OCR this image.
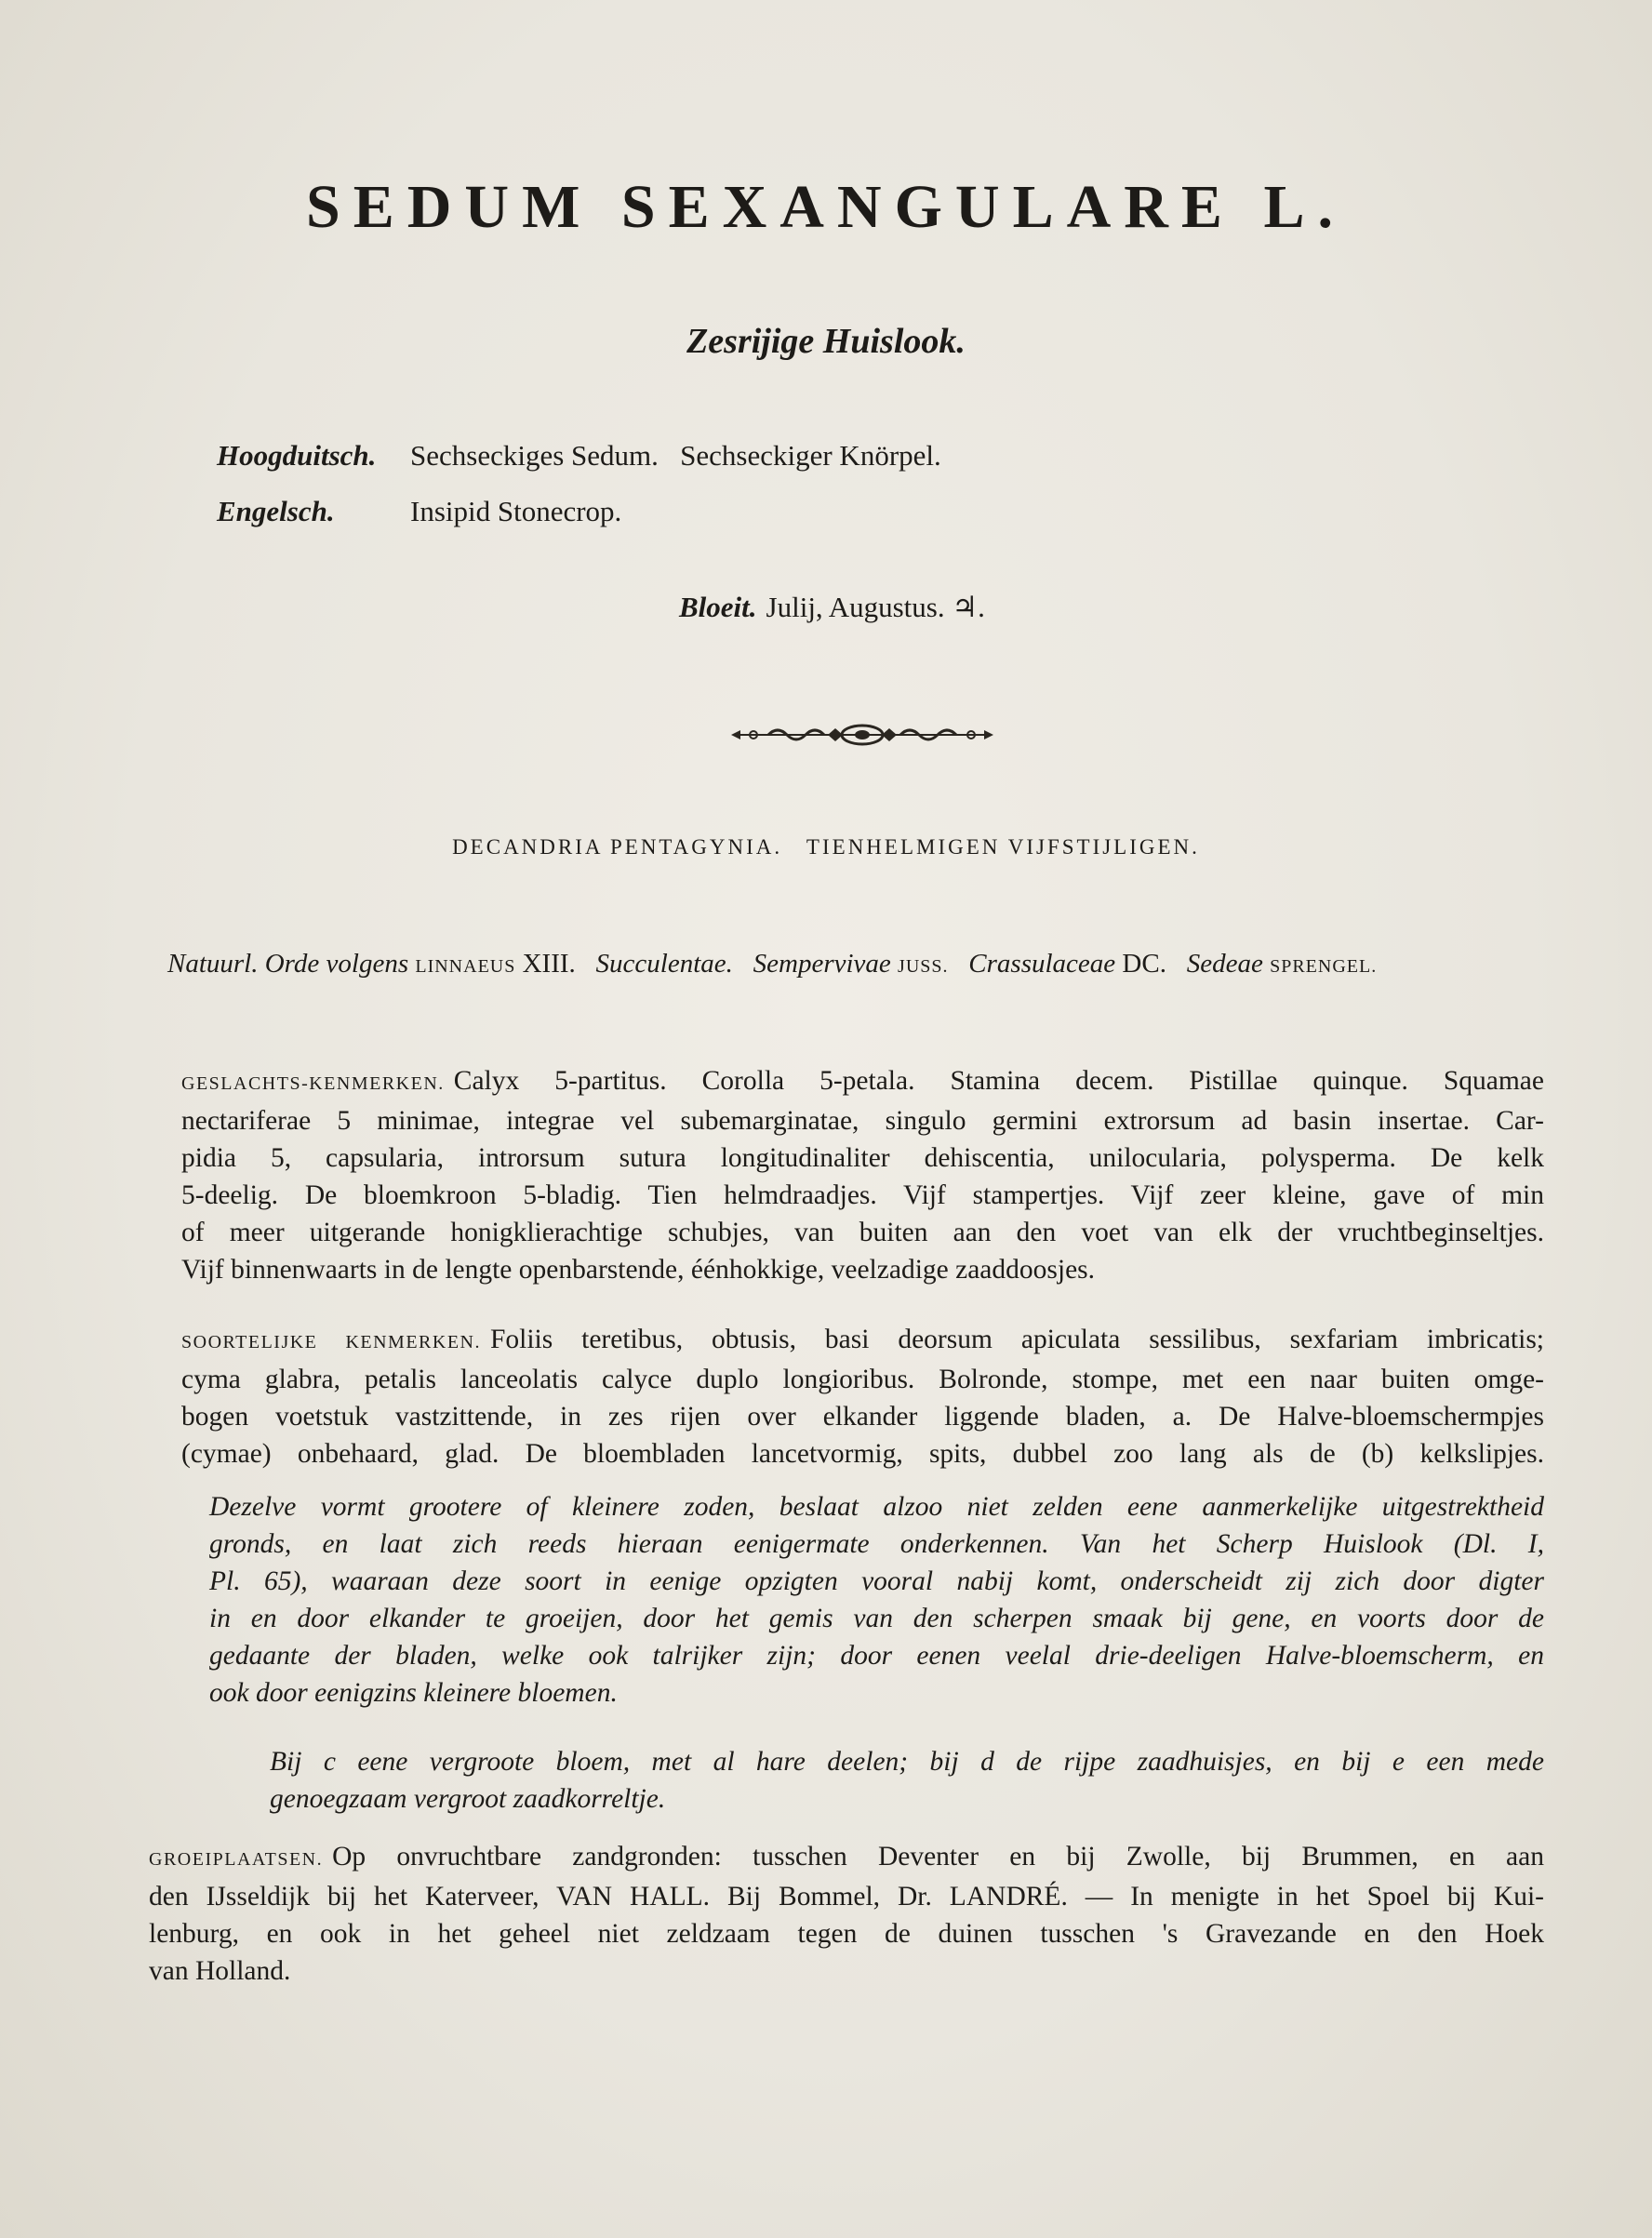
SEDUM SEXANGULARE L.
Zesrijige Huislook.
Hoogduitsch. Sechseckiges Sedum.   Sechseckiger Knörpel.
Engelsch.	Insipid Stonecrop.
Bloeit. Julij, Augustus. ♃.
DECANDRIA PENTAGYNIA.   TIENHELMIGEN VIJFSTIJLIGEN.
Natuurl. Orde volgens LINNAEUS XIII. Succulentae. Sempervivae JUSS. Crassulaceae DC. Sedeae SPRENGEL.
GESLACHTS-KENMERKEN. Calyx 5-partitus. Corolla 5-petala. Stamina decem. Pistillae quinque. Squamae
nectariferae 5 minimae, integrae vel subemarginatae, singulo germini extrorsum ad basin insertae. Car-
pidia 5, capsularia, introrsum sutura longitudinaliter dehiscentia, unilocularia, polysperma. De kelk
5-deelig. De bloemkroon 5-bladig. Tien helmdraadjes. Vijf stampertjes. Vijf zeer kleine, gave of min
of meer uitgerande honigklierachtige schubjes, van buiten aan den voet van elk der vruchtbeginseltjes.
Vijf binnenwaarts in de lengte openbarstende, éénhokkige, veelzadige zaaddoosjes.
SOORTELIJKE KENMERKEN. Foliis teretibus, obtusis, basi deorsum apiculata sessilibus, sexfariam imbricatis;
cyma glabra, petalis lanceolatis calyce duplo longioribus. Bolronde, stompe, met een naar buiten omge-
bogen voetstuk vastzittende, in zes rijen over elkander liggende bladen, a. De Halve-bloemschermpjes
(cymae) onbehaard, glad. De bloembladen lancetvormig, spits, dubbel zoo lang als de (b) kelkslipjes.
Dezelve vormt grootere of kleinere zoden, beslaat alzoo niet zelden eene aanmerkelijke uitgestrektheid
gronds, en laat zich reeds hieraan eenigermate onderkennen. Van het Scherp Huislook (Dl. I,
Pl. 65), waaraan deze soort in eenige opzigten vooral nabij komt, onderscheidt zij zich door digter
in en door elkander te groeijen, door het gemis van den scherpen smaak bij gene, en voorts door de
gedaante der bladen, welke ook talrijker zijn; door eenen veelal drie-deeligen Halve-bloemscherm, en
ook door eenigzins kleinere bloemen.
Bij c eene vergroote bloem, met al hare deelen; bij d de rijpe zaadhuisjes, en bij e een mede
genoegzaam vergroot zaadkorreltje.
GROEIPLAATSEN. Op onvruchtbare zandgronden: tusschen Deventer en bij Zwolle, bij Brummen, en aan
den IJsseldijk bij het Katerveer, VAN HALL. Bij Bommel, Dr. LANDRÉ. — In menigte in het Spoel bij Kui-
lenburg, en ook in het geheel niet zeldzaam tegen de duinen tusschen 's Gravezande en den Hoek
van Holland.
